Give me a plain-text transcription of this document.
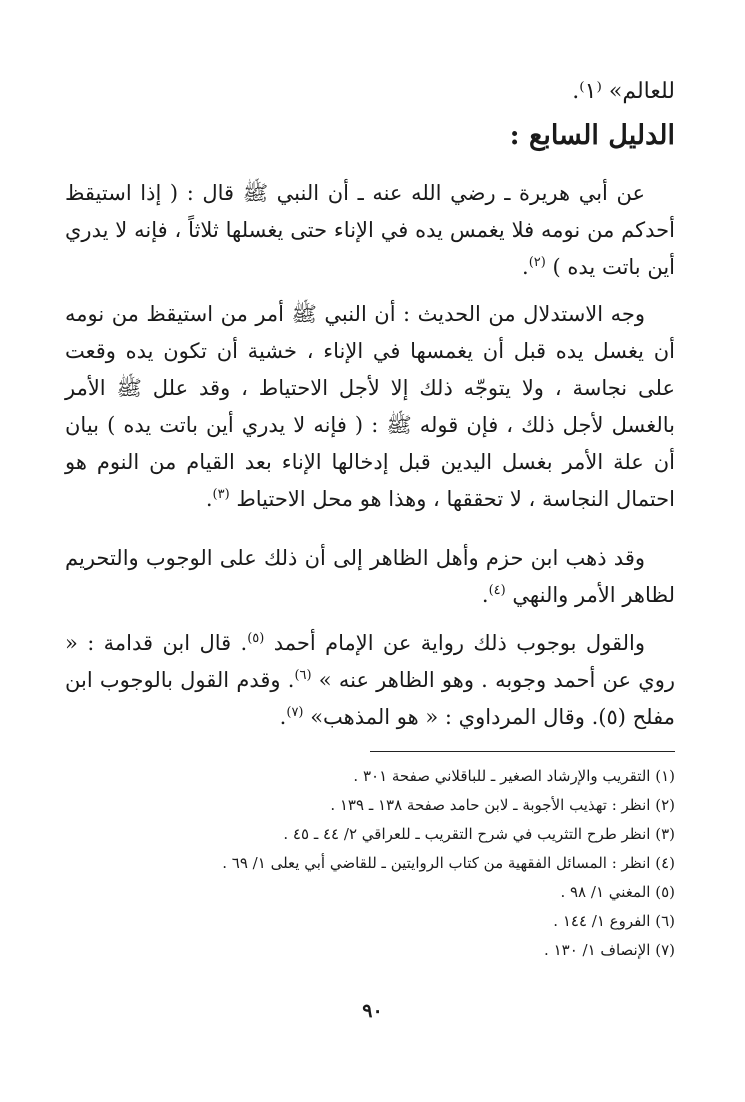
للعالم» ⁽١⁾.
الدليل السابع :

عن أبي هريرة ـ رضي الله عنه ـ أن النبي ﷺ قال : ( إذا استيقظ أحدكم من نومه فلا يغمس يده في الإناء حتى يغسلها ثلاثاً ، فإنه لا يدري أين باتت يده ) $^{(٢)}$.

وجه الاستدلال من الحديث : أن النبي ﷺ أمر من استيقظ من نومه أن يغسل يده قبل أن يغمسها في الإناء ، خشية أن تكون يده وقعت على نجاسة ، ولا يتوجّه ذلك إلا لأجل الاحتياط ، وقد علل ﷺ الأمر بالغسل لأجل ذلك ، فإن قوله ﷺ : ( فإنه لا يدري أين باتت يده ) بيان أن علة الأمر بغسل اليدين قبل إدخالها الإناء بعد القيام من النوم هو احتمال النجاسة ، لا تحققها ، وهذا هو محل الاحتياط $^{(٣)}$.

وقد ذهب ابن حزم وأهل الظاهر إلى أن ذلك على الوجوب والتحريم لظاهر الأمر والنهي $^{(٤)}$.

والقول بوجوب ذلك رواية عن الإمام أحمد $^{(٥)}$. قال ابن قدامة : « روي عن أحمد وجوبه . وهو الظاهر عنه » $^{(٦)}$. وقدم القول بالوجوب ابن مفلح (٥). وقال المرداوي : « هو المذهب» $^{(٧)}$.

(١) التقريب والإرشاد الصغير ـ للباقلاني صفحة ٣٠١ .
(٢) انظر : تهذيب الأجوبة ـ لابن حامد صفحة ١٣٨ ـ ١٣٩ .
(٣) انظر طرح التثريب في شرح التقريب ـ للعراقي ٢/ ٤٤ ـ ٤٥ .
(٤) انظر : المسائل الفقهية من كتاب الروايتين ـ للقاضي أبي يعلى ١/ ٦٩ .
(٥) المغني ١/ ٩٨ .
(٦) الفروع ١/ ١٤٤ .
(٧) الإنصاف ١/ ١٣٠ .
٩٠
